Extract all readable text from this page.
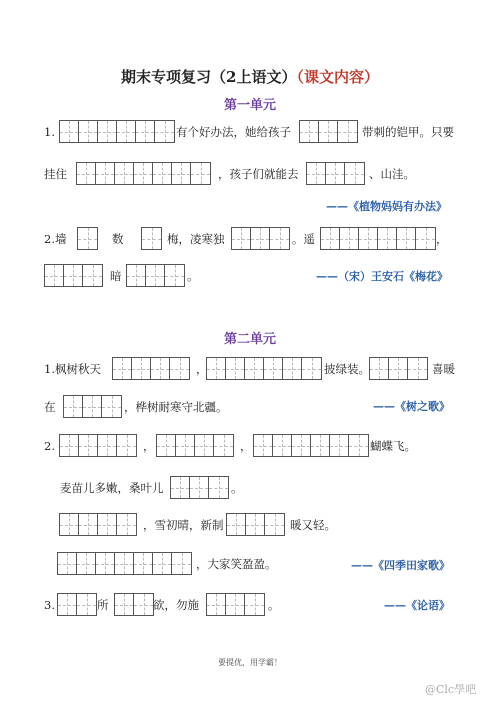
期末专项复习（2上语文）（课文内容）
第一单元
1.	有个好办法，她给孩子	带刺的铠甲。只要
挂住	，孩子们就能去	、山洼。
——《植物妈妈有办法》
2.墙	数	梅，凌寒独	。遥	，
暗	。	——（宋）王安石《梅花》
第二单元
1.枫树秋天	，	披绿装。	喜暖
在	，桦树耐寒守北疆。	——《树之歌》
2.	，	，	蝴蝶飞。
麦苗儿多嫩，桑叶儿	。
，雪初晴，新制	暖又轻。
，大家笑盈盈。	——《四季田家歌》
3.	所	欲，勿施	。	——《论语》
要提优，用学霸！
@Clc學吧
